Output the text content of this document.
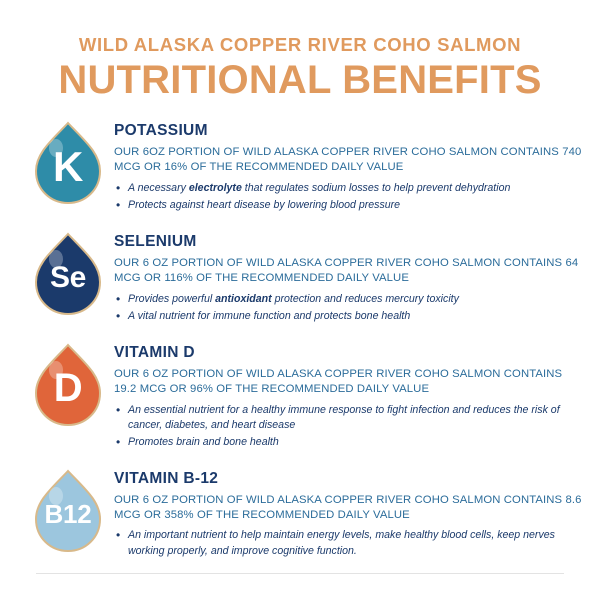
WILD ALASKA COPPER RIVER COHO SALMON
NUTRITIONAL BENEFITS
K
POTASSIUM
OUR 6OZ PORTION OF WILD ALASKA COPPER RIVER COHO SALMON CONTAINS 740 MCG OR 16% OF THE RECOMMENDED DAILY VALUE
• A necessary electrolyte that regulates sodium losses to help prevent dehydration
• Protects against heart disease by lowering blood pressure
Se
SELENIUM
OUR 6 OZ PORTION OF WILD ALASKA COPPER RIVER COHO SALMON CONTAINS 64 MCG OR 116% OF THE RECOMMENDED DAILY VALUE
• Provides powerful antioxidant protection and reduces mercury toxicity
• A vital nutrient for immune function and protects bone health
D
VITAMIN D
OUR 6 OZ PORTION OF WILD ALASKA COPPER RIVER COHO SALMON CONTAINS 19.2 MCG OR 96% OF THE RECOMMENDED DAILY VALUE
• An essential nutrient for a healthy immune response to fight infection and reduces the risk of cancer, diabetes, and heart disease
• Promotes brain and bone health
B12
VITAMIN B-12
OUR 6 OZ PORTION OF WILD ALASKA COPPER RIVER COHO SALMON CONTAINS 8.6 MCG OR 358% OF THE RECOMMENDED DAILY VALUE
• An important nutrient to help maintain energy levels, make healthy blood cells, keep nerves working properly, and improve cognitive function.
